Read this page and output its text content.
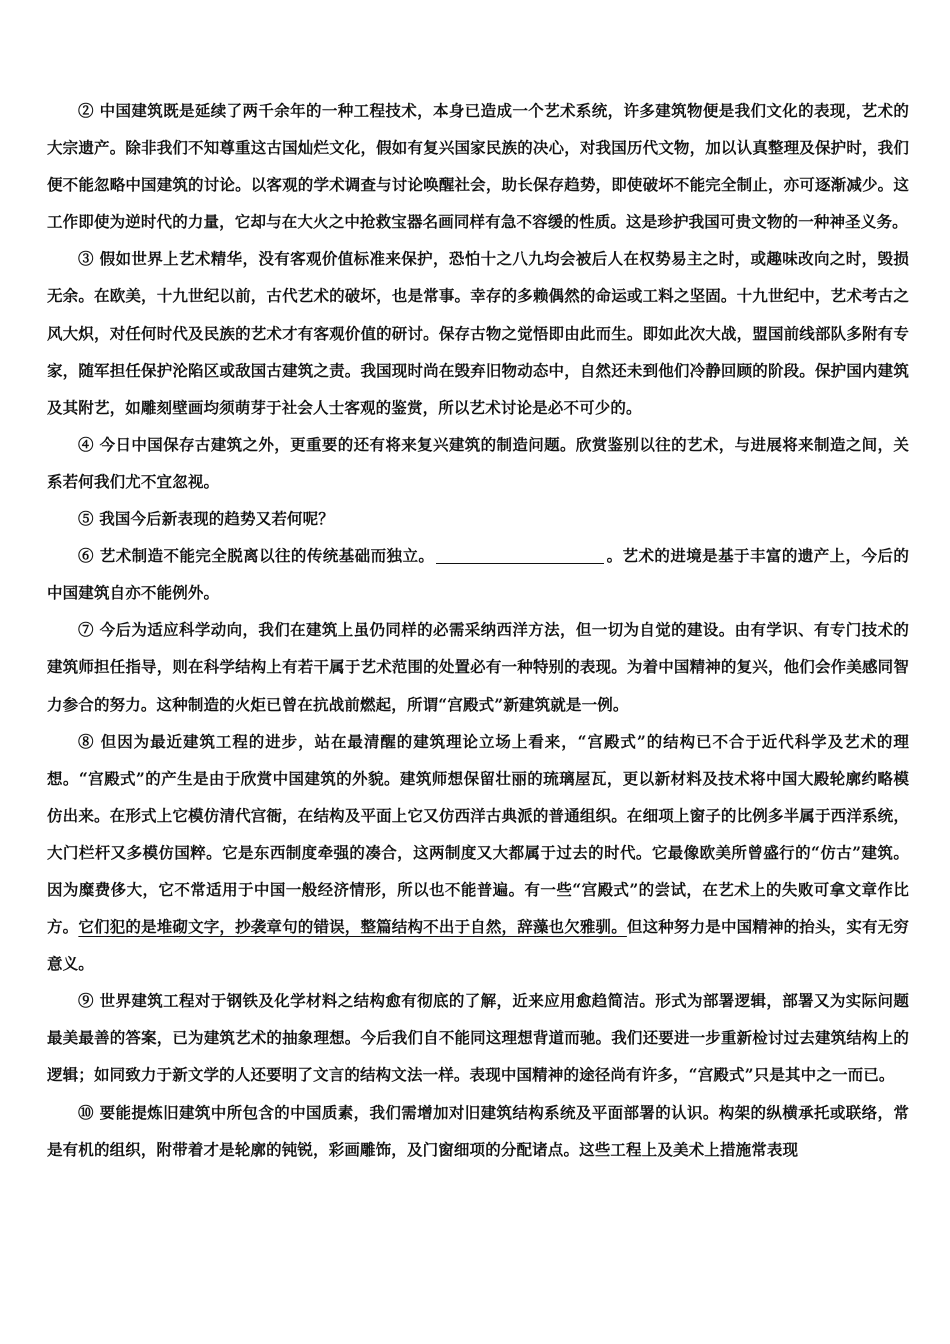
② 中国建筑既是延续了两千余年的一种工程技术，本身已造成一个艺术系统，许多建筑物便是我们文化的表现，艺术的大宗遗产。除非我们不知尊重这古国灿烂文化，假如有复兴国家民族的决心，对我国历代文物，加以认真整理及保护时，我们便不能忽略中国建筑的讨论。以客观的学术调查与讨论唤醒社会，助长保存趋势，即使破坏不能完全制止，亦可逐渐减少。这工作即使为逆时代的力量，它却与在大火之中抢救宝器名画同样有急不容缓的性质。这是珍护我国可贵文物的一种神圣义务。

③ 假如世界上艺术精华，没有客观价值标准来保护，恐怕十之八九均会被后人在权势易主之时，或趣味改向之时，毁损无余。在欧美，十九世纪以前，古代艺术的破坏，也是常事。幸存的多赖偶然的命运或工料之坚固。十九世纪中，艺术考古之风大炽，对任何时代及民族的艺术才有客观价值的研讨。保存古物之觉悟即由此而生。即如此次大战，盟国前线部队多附有专家，随军担任保护沦陷区或敌国古建筑之责。我国现时尚在毁弃旧物动态中，自然还未到他们冷静回顾的阶段。保护国内建筑及其附艺，如雕刻壁画均须萌芽于社会人士客观的鉴赏，所以艺术讨论是必不可少的。

④ 今日中国保存古建筑之外，更重要的还有将来复兴建筑的制造问题。欣赏鉴别以往的艺术，与进展将来制造之间，关系若何我们尤不宜忽视。

⑤ 我国今后新表现的趋势又若何呢？

⑥ 艺术制造不能完全脱离以往的传统基础而独立。	。艺术的进境是基于丰富的遗产上，今后的中国建筑自亦不能例外。

⑦ 今后为适应科学动向，我们在建筑上虽仍同样的必需采纳西洋方法，但一切为自觉的建设。由有学识、有专门技术的建筑师担任指导，则在科学结构上有若干属于艺术范围的处置必有一种特别的表现。为着中国精神的复兴，他们会作美感同智力参合的努力。这种制造的火炬已曾在抗战前燃起，所谓“宫殿式”新建筑就是一例。

⑧ 但因为最近建筑工程的进步，站在最清醒的建筑理论立场上看来，“宫殿式”的结构已不合于近代科学及艺术的理想。“宫殿式”的产生是由于欣赏中国建筑的外貌。建筑师想保留壮丽的琉璃屋瓦，更以新材料及技术将中国大殿轮廓约略模仿出来。在形式上它模仿清代宫衙，在结构及平面上它又仿西洋古典派的普通组织。在细项上窗子的比例多半属于西洋系统，大门栏杆又多模仿国粹。它是东西制度牵强的凑合，这两制度又大都属于过去的时代。它最像欧美所曾盛行的“仿古”建筑。因为糜费侈大，它不常适用于中国一般经济情形，所以也不能普遍。有一些“宫殿式”的尝试，在艺术上的失败可拿文章作比方。它们犯的是堆砌文字，抄袭章句的错误，整篇结构不出于自然，辞藻也欠雅驯。但这种努力是中国精神的抬头，实有无穷意义。

⑨ 世界建筑工程对于钢铁及化学材料之结构愈有彻底的了解，近来应用愈趋简洁。形式为部署逻辑，部署又为实际问题最美最善的答案，已为建筑艺术的抽象理想。今后我们自不能同这理想背道而驰。我们还要进一步重新检讨过去建筑结构上的逻辑；如同致力于新文学的人还要明了文言的结构文法一样。表现中国精神的途径尚有许多，“宫殿式”只是其中之一而已。

⑩ 要能提炼旧建筑中所包含的中国质素，我们需增加对旧建筑结构系统及平面部署的认识。构架的纵横承托或联络，常是有机的组织，附带着才是轮廓的钝锐，彩画雕饰，及门窗细项的分配诸点。这些工程上及美术上措施常表现
